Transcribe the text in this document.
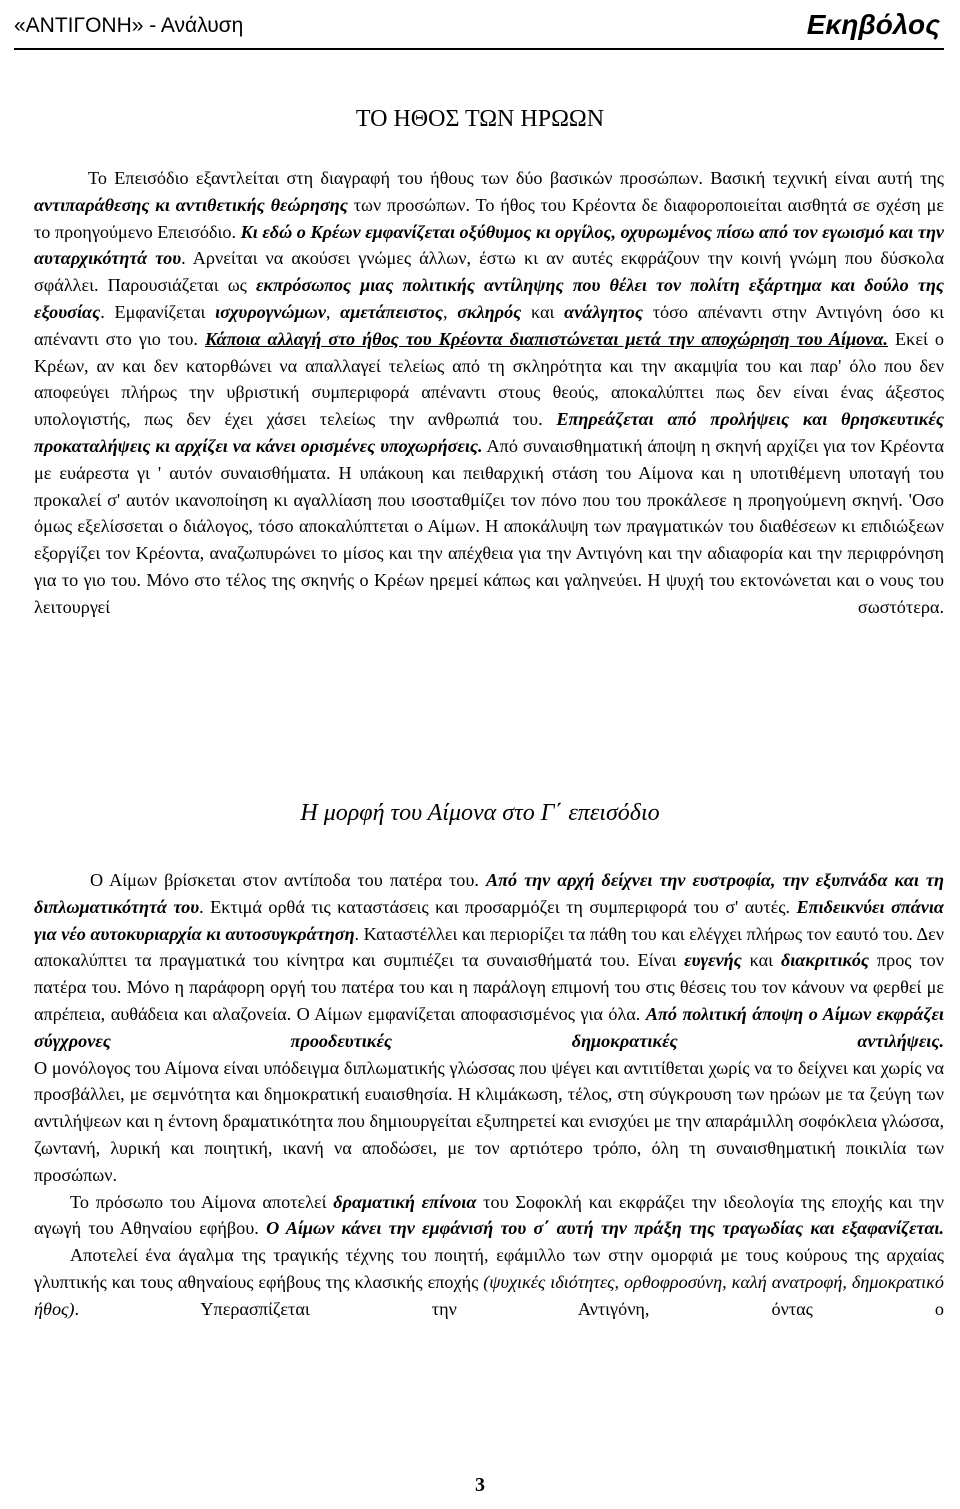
«ΑΝΤΙΓΟΝΗ» - Ανάλυση	Εκηβόλος
ΤΟ ΗΘΟΣ ΤΩΝ ΗΡΩΩΝ

Το Επεισόδιο εξαντλείται στη διαγραφή του ήθους των δύο βασικών προσώπων. Βασική τεχνική είναι αυτή της αντιπαράθεσης κι αντιθετικής θεώρησης των προσώπων. Το ήθος του Κρέοντα δε διαφοροποιείται αισθητά σε σχέση με το προηγούμενο Επεισόδιο. Κι εδώ ο Κρέων εμφανίζεται οξύθυμος κι οργίλος, οχυρωμένος πίσω από τον εγωισμό και την αυταρχικότητά του. Αρνείται να ακούσει γνώμες άλλων, έστω κι αν αυτές εκφράζουν την κοινή γνώμη που δύσκολα σφάλλει. Παρουσιάζεται ως εκπρόσωπος μιας πολιτικής αντίληψης που θέλει τον πολίτη εξάρτημα και δούλο της εξουσίας. Εμφανίζεται ισχυρογνώμων, αμετάπειστος, σκληρός και ανάλγητος τόσο απέναντι στην Αντιγόνη όσο κι απέναντι στο γιο του. Κάποια αλλαγή στο ήθος του Κρέοντα διαπιστώνεται μετά την αποχώρηση του Αίμονα. Εκεί ο Κρέων, αν και δεν κατορθώνει να απαλλαγεί τελείως από τη σκληρότητα και την ακαμψία του και παρ' όλο που δεν αποφεύγει πλήρως την υβριστική συμπεριφορά απέναντι στους θεούς, αποκαλύπτει πως δεν είναι ένας άξεστος υπολογιστής, πως δεν έχει χάσει τελείως την ανθρωπιά του. Επηρεάζεται από προλήψεις και θρησκευτικές προκαταλήψεις κι αρχίζει να κάνει ορισμένες υποχωρήσεις. Από συναισθηματική άποψη η σκηνή αρχίζει για τον Κρέοντα με ευάρεστα γι ' αυτόν συναισθήματα. Η υπάκουη και πειθαρχική στάση του Αίμονα και η υποτιθέμενη υποταγή του προκαλεί σ' αυτόν ικανοποίηση κι αγαλλίαση που ισοσταθμίζει τον πόνο που του προκάλεσε η προηγούμενη σκηνή. 'Οσο όμως εξελίσσεται ο διάλογος, τόσο αποκαλύπτεται ο Αίμων. Η αποκάλυψη των πραγματικών του διαθέσεων κι επιδιώξεων εξοργίζει τον Κρέοντα, αναζωπυρώνει το μίσος και την απέχθεια για την Αντιγόνη και την αδιαφορία και την περιφρόνηση για το γιο του. Μόνο στο τέλος της σκηνής ο Κρέων ηρεμεί κάπως και γαληνεύει. Η ψυχή του εκτονώνεται και ο νους του λειτουργεί σωστότερα.

Η μορφή του Αίμονα στο Γ΄ επεισόδιο

Ο Αίμων βρίσκεται στον αντίποδα του πατέρα του. Από την αρχή δείχνει την ευστροφία, την εξυπνάδα και τη διπλωματικότητά του. Εκτιμά ορθά τις καταστάσεις και προσαρμόζει τη συμπεριφορά του σ' αυτές. Επιδεικνύει σπάνια για νέο αυτοκυριαρχία κι αυτοσυγκράτηση. Καταστέλλει και περιορίζει τα πάθη του και ελέγχει πλήρως τον εαυτό του. Δεν αποκαλύπτει τα πραγματικά του κίνητρα και συμπιέζει τα συναισθήματά του. Είναι ευγενής και διακριτικός προς τον πατέρα του. Μόνο η παράφορη οργή του πατέρα του και η παράλογη επιμονή του στις θέσεις του τον κάνουν να φερθεί με απρέπεια, αυθάδεια και αλαζονεία. Ο Αίμων εμφανίζεται αποφασισμένος για όλα. Από πολιτική άποψη ο Αίμων εκφράζει σύγχρονες προοδευτικές δημοκρατικές αντιλήψεις.

Ο μονόλογος του Αίμονα είναι υπόδειγμα διπλωματικής γλώσσας που ψέγει και αντιτίθεται χωρίς να το δείχνει και χωρίς να προσβάλλει, με σεμνότητα και δημοκρατική ευαισθησία. Η κλιμάκωση, τέλος, στη σύγκρουση των ηρώων με τα ζεύγη των αντιλήψεων και η έντονη δραματικότητα που δημιουργείται εξυπηρετεί και ενισχύει με την απαράμιλλη σοφόκλεια γλώσσα, ζωντανή, λυρική και ποιητική, ικανή να αποδώσει, με τον αρτιότερο τρόπο, όλη τη συναισθηματική ποικιλία των προσώπων.

Το πρόσωπο του Αίμονα αποτελεί δραματική επίνοια του Σοφοκλή και εκφράζει την ιδεολογία της εποχής και την αγωγή του Αθηναίου εφήβου. Ο Αίμων κάνει την εμφάνισή του σ΄ αυτή την πράξη της τραγωδίας και εξαφανίζεται.

Αποτελεί ένα άγαλμα της τραγικής τέχνης του ποιητή, εφάμιλλο των στην ομορφιά με τους κούρους της αρχαίας γλυπτικής και τους αθηναίους εφήβους της κλασικής εποχής (ψυχικές ιδιότητες, ορθοφροσύνη, καλή ανατροφή, δημοκρατικό ήθος). Υπερασπίζεται την Αντιγόνη, όντας ο

3
